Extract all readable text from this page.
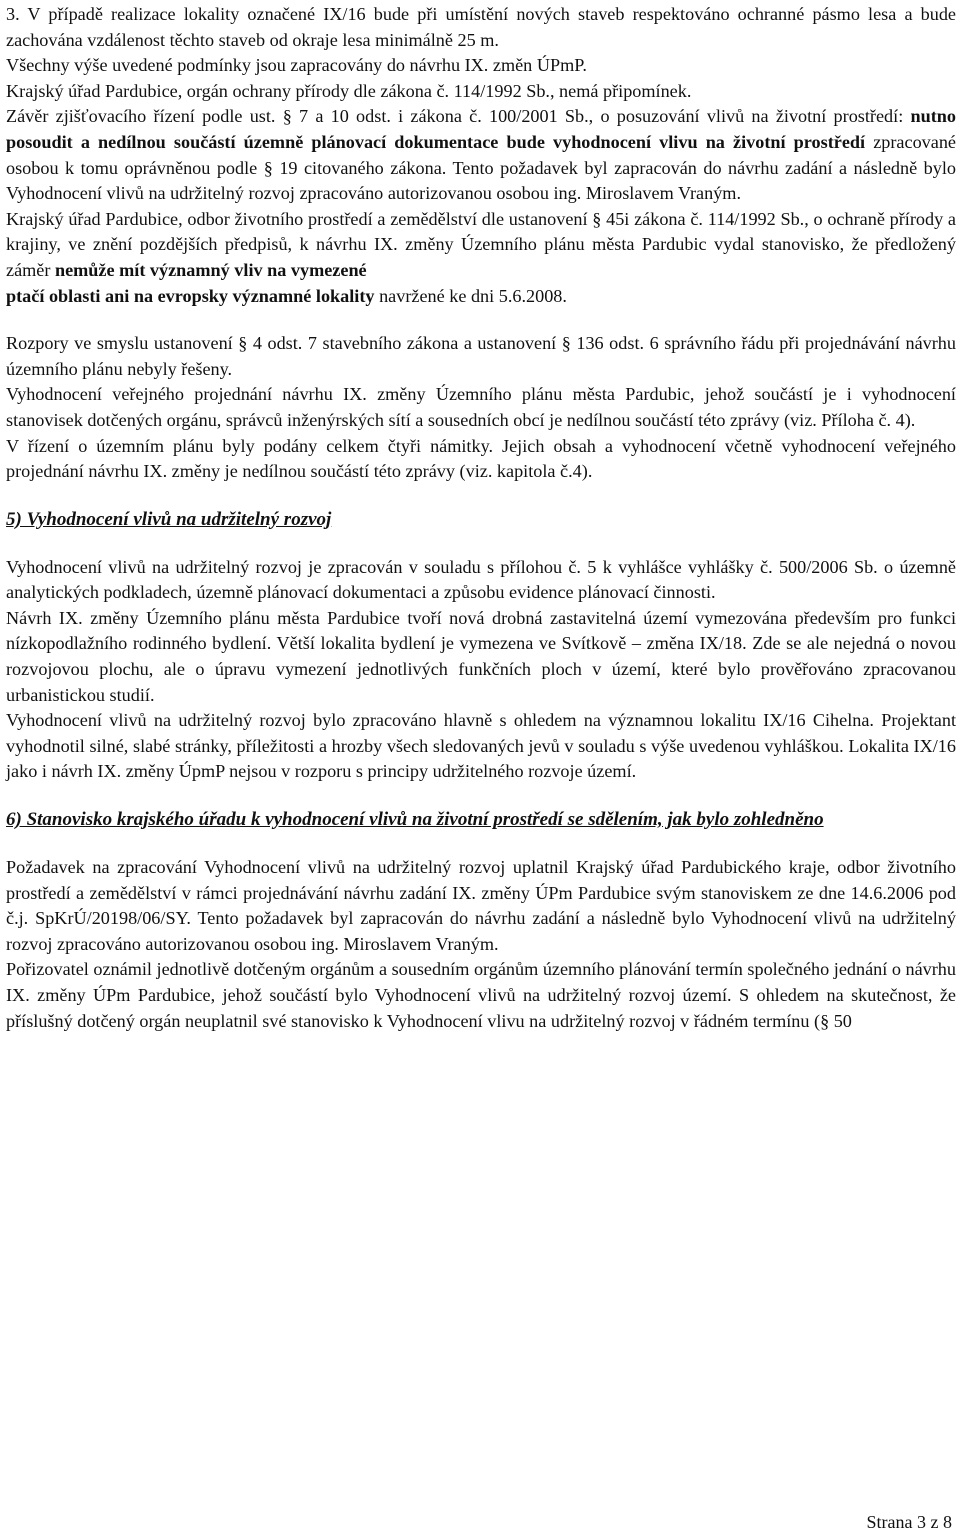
3. V případě realizace lokality označené IX/16 bude při umístění nových staveb respektováno ochranné pásmo lesa a bude zachována vzdálenost těchto staveb od okraje lesa minimálně 25 m.

Všechny výše uvedené podmínky jsou zapracovány do návrhu IX. změn ÚPmP.

Krajský úřad Pardubice, orgán ochrany přírody dle zákona č. 114/1992 Sb., nemá připomínek.

Závěr zjišťovacího řízení podle ust. § 7 a 10 odst. i zákona č. 100/2001 Sb., o posuzování vlivů na životní prostředí: nutno posoudit a nedílnou součástí územně plánovací dokumentace bude vyhodnocení vlivu na životní prostředí zpracované osobou k tomu oprávněnou podle § 19 citovaného zákona. Tento požadavek byl zapracován do návrhu zadání a následně bylo Vyhodnocení vlivů na udržitelný rozvoj zpracováno autorizovanou osobou ing. Miroslavem Vraným.

Krajský úřad Pardubice, odbor životního prostředí a zemědělství dle ustanovení § 45i zákona č. 114/1992 Sb., o ochraně přírody a krajiny, ve znění pozdějších předpisů, k návrhu IX. změny Územního plánu města Pardubic vydal stanovisko, že předložený záměr nemůže mít významný vliv na vymezené

ptačí oblasti ani na evropsky významné lokality navržené ke dni 5.6.2008.

Rozpory ve smyslu ustanovení § 4 odst. 7 stavebního zákona a ustanovení § 136 odst. 6 správního řádu při projednávání návrhu územního plánu nebyly řešeny.

Vyhodnocení veřejného projednání návrhu IX. změny Územního plánu města Pardubic, jehož součástí je i vyhodnocení stanovisek dotčených orgánu, správců inženýrských sítí a sousedních obcí je nedílnou součástí této zprávy (viz. Příloha č. 4).

V řízení o územním plánu byly podány celkem čtyři námitky. Jejich obsah a vyhodnocení včetně vyhodnocení veřejného projednání návrhu IX. změny je nedílnou součástí této zprávy (viz. kapitola č.4).

5) Vyhodnocení vlivů na udržitelný rozvoj

Vyhodnocení vlivů na udržitelný rozvoj je zpracován v souladu s přílohou č. 5 k vyhlášce vyhlášky č. 500/2006 Sb. o územně analytických podkladech, územně plánovací dokumentaci a způsobu evidence plánovací činnosti.

Návrh IX. změny Územního plánu města Pardubice tvoří nová drobná zastavitelná území vymezována především pro funkci nízkopodlažního rodinného bydlení. Větší lokalita bydlení je vymezena ve Svítkově – změna IX/18. Zde se ale nejedná o novou rozvojovou plochu, ale o úpravu vymezení jednotlivých funkčních ploch v území, které bylo prověřováno zpracovanou urbanistickou studií.

Vyhodnocení vlivů na udržitelný rozvoj bylo zpracováno hlavně s ohledem na významnou lokalitu IX/16 Cihelna. Projektant vyhodnotil silné, slabé stránky, příležitosti a hrozby všech sledovaných jevů v souladu s výše uvedenou vyhláškou. Lokalita IX/16 jako i návrh IX. změny ÚpmP nejsou v rozporu s principy udržitelného rozvoje území.

6) Stanovisko krajského úřadu k vyhodnocení vlivů na životní prostředí se sdělením, jak bylo zohledněno

Požadavek na zpracování Vyhodnocení vlivů na udržitelný rozvoj uplatnil Krajský úřad Pardubického kraje, odbor životního prostředí a zemědělství v rámci projednávání návrhu zadání IX. změny ÚPm Pardubice svým stanoviskem ze dne 14.6.2006 pod č.j. SpKrÚ/20198/06/SY. Tento požadavek byl zapracován do návrhu zadání a následně bylo Vyhodnocení vlivů na udržitelný rozvoj zpracováno autorizovanou osobou ing. Miroslavem Vraným.

Pořizovatel oznámil jednotlivě dotčeným orgánům a sousedním orgánům územního plánování termín společného jednání o návrhu IX. změny ÚPm Pardubice, jehož součástí bylo Vyhodnocení vlivů na udržitelný rozvoj území. S ohledem na skutečnost, že příslušný dotčený orgán neuplatnil své stanovisko k Vyhodnocení vlivu na udržitelný rozvoj v řádném termínu (§ 50

Strana 3 z 8
